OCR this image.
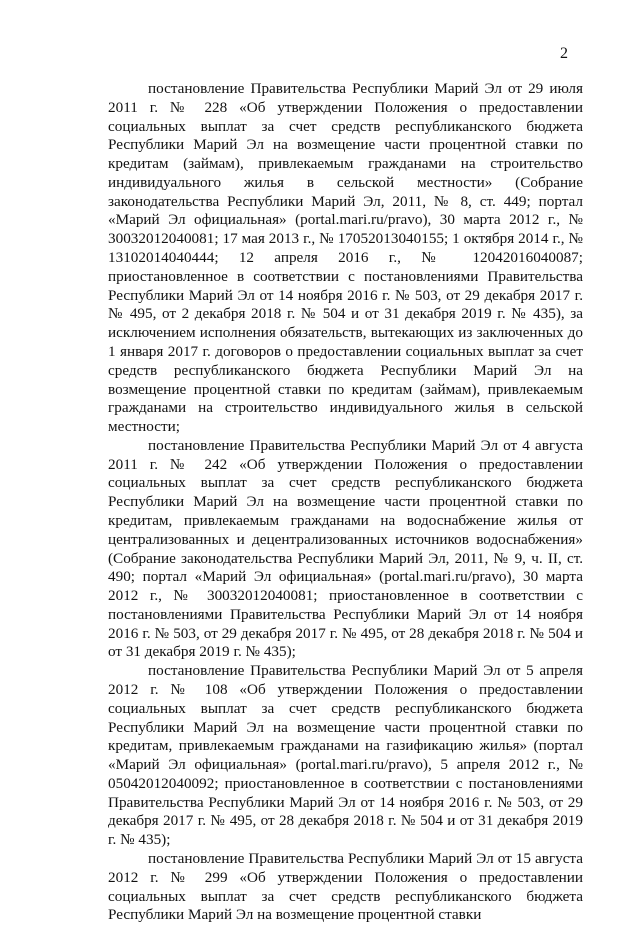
2

постановление Правительства Республики Марий Эл от 29 июля 2011 г. № 228 «Об утверждении Положения о предоставлении социальных выплат за счет средств республиканского бюджета Республики Марий Эл на возмещение части процентной ставки по кредитам (займам), привлекаемым гражданами на строительство индивидуального жилья в сельской местности» (Собрание законодательства Республики Марий Эл, 2011, № 8, ст. 449; портал «Марий Эл официальная» (portal.mari.ru/pravo), 30 марта 2012 г., № 30032012040081; 17 мая 2013 г., № 17052013040155; 1 октября 2014 г., № 13102014040444; 12 апреля 2016 г., № 12042016040087; приостановленное в соответствии с постановлениями Правительства Республики Марий Эл от 14 ноября 2016 г. № 503, от 29 декабря 2017 г. № 495, от 2 декабря 2018 г. № 504 и от 31 декабря 2019 г. № 435), за исключением исполнения обязательств, вытекающих из заключенных до 1 января 2017 г. договоров о предоставлении социальных выплат за счет средств республиканского бюджета Республики Марий Эл на возмещение процентной ставки по кредитам (займам), привлекаемым гражданами на строительство индивидуального жилья в сельской местности;

постановление Правительства Республики Марий Эл от 4 августа 2011 г. № 242 «Об утверждении Положения о предоставлении социальных выплат за счет средств республиканского бюджета Республики Марий Эл на возмещение части процентной ставки по кредитам, привлекаемым гражданами на водоснабжение жилья от централизованных и децентрализованных источников водоснабжения» (Собрание законодательства Республики Марий Эл, 2011, № 9, ч. II, ст. 490; портал «Марий Эл официальная» (portal.mari.ru/pravo), 30 марта 2012 г., № 30032012040081; приостановленное в соответствии с постановлениями Правительства Республики Марий Эл от 14 ноября 2016 г. № 503, от 29 декабря 2017 г. № 495, от 28 декабря 2018 г. № 504 и от 31 декабря 2019 г. № 435);

постановление Правительства Республики Марий Эл от 5 апреля 2012 г. № 108 «Об утверждении Положения о предоставлении социальных выплат за счет средств республиканского бюджета Республики Марий Эл на возмещение части процентной ставки по кредитам, привлекаемым гражданами на газификацию жилья» (портал «Марий Эл официальная» (portal.mari.ru/pravo), 5 апреля 2012 г., № 05042012040092; приостановленное в соответствии с постановлениями Правительства Республики Марий Эл от 14 ноября 2016 г. № 503, от 29 декабря 2017 г. № 495, от 28 декабря 2018 г. № 504 и от 31 декабря 2019 г. № 435);

постановление Правительства Республики Марий Эл от 15 августа 2012 г. № 299 «Об утверждении Положения о предоставлении социальных выплат за счет средств республиканского бюджета Республики Марий Эл на возмещение процентной ставки
